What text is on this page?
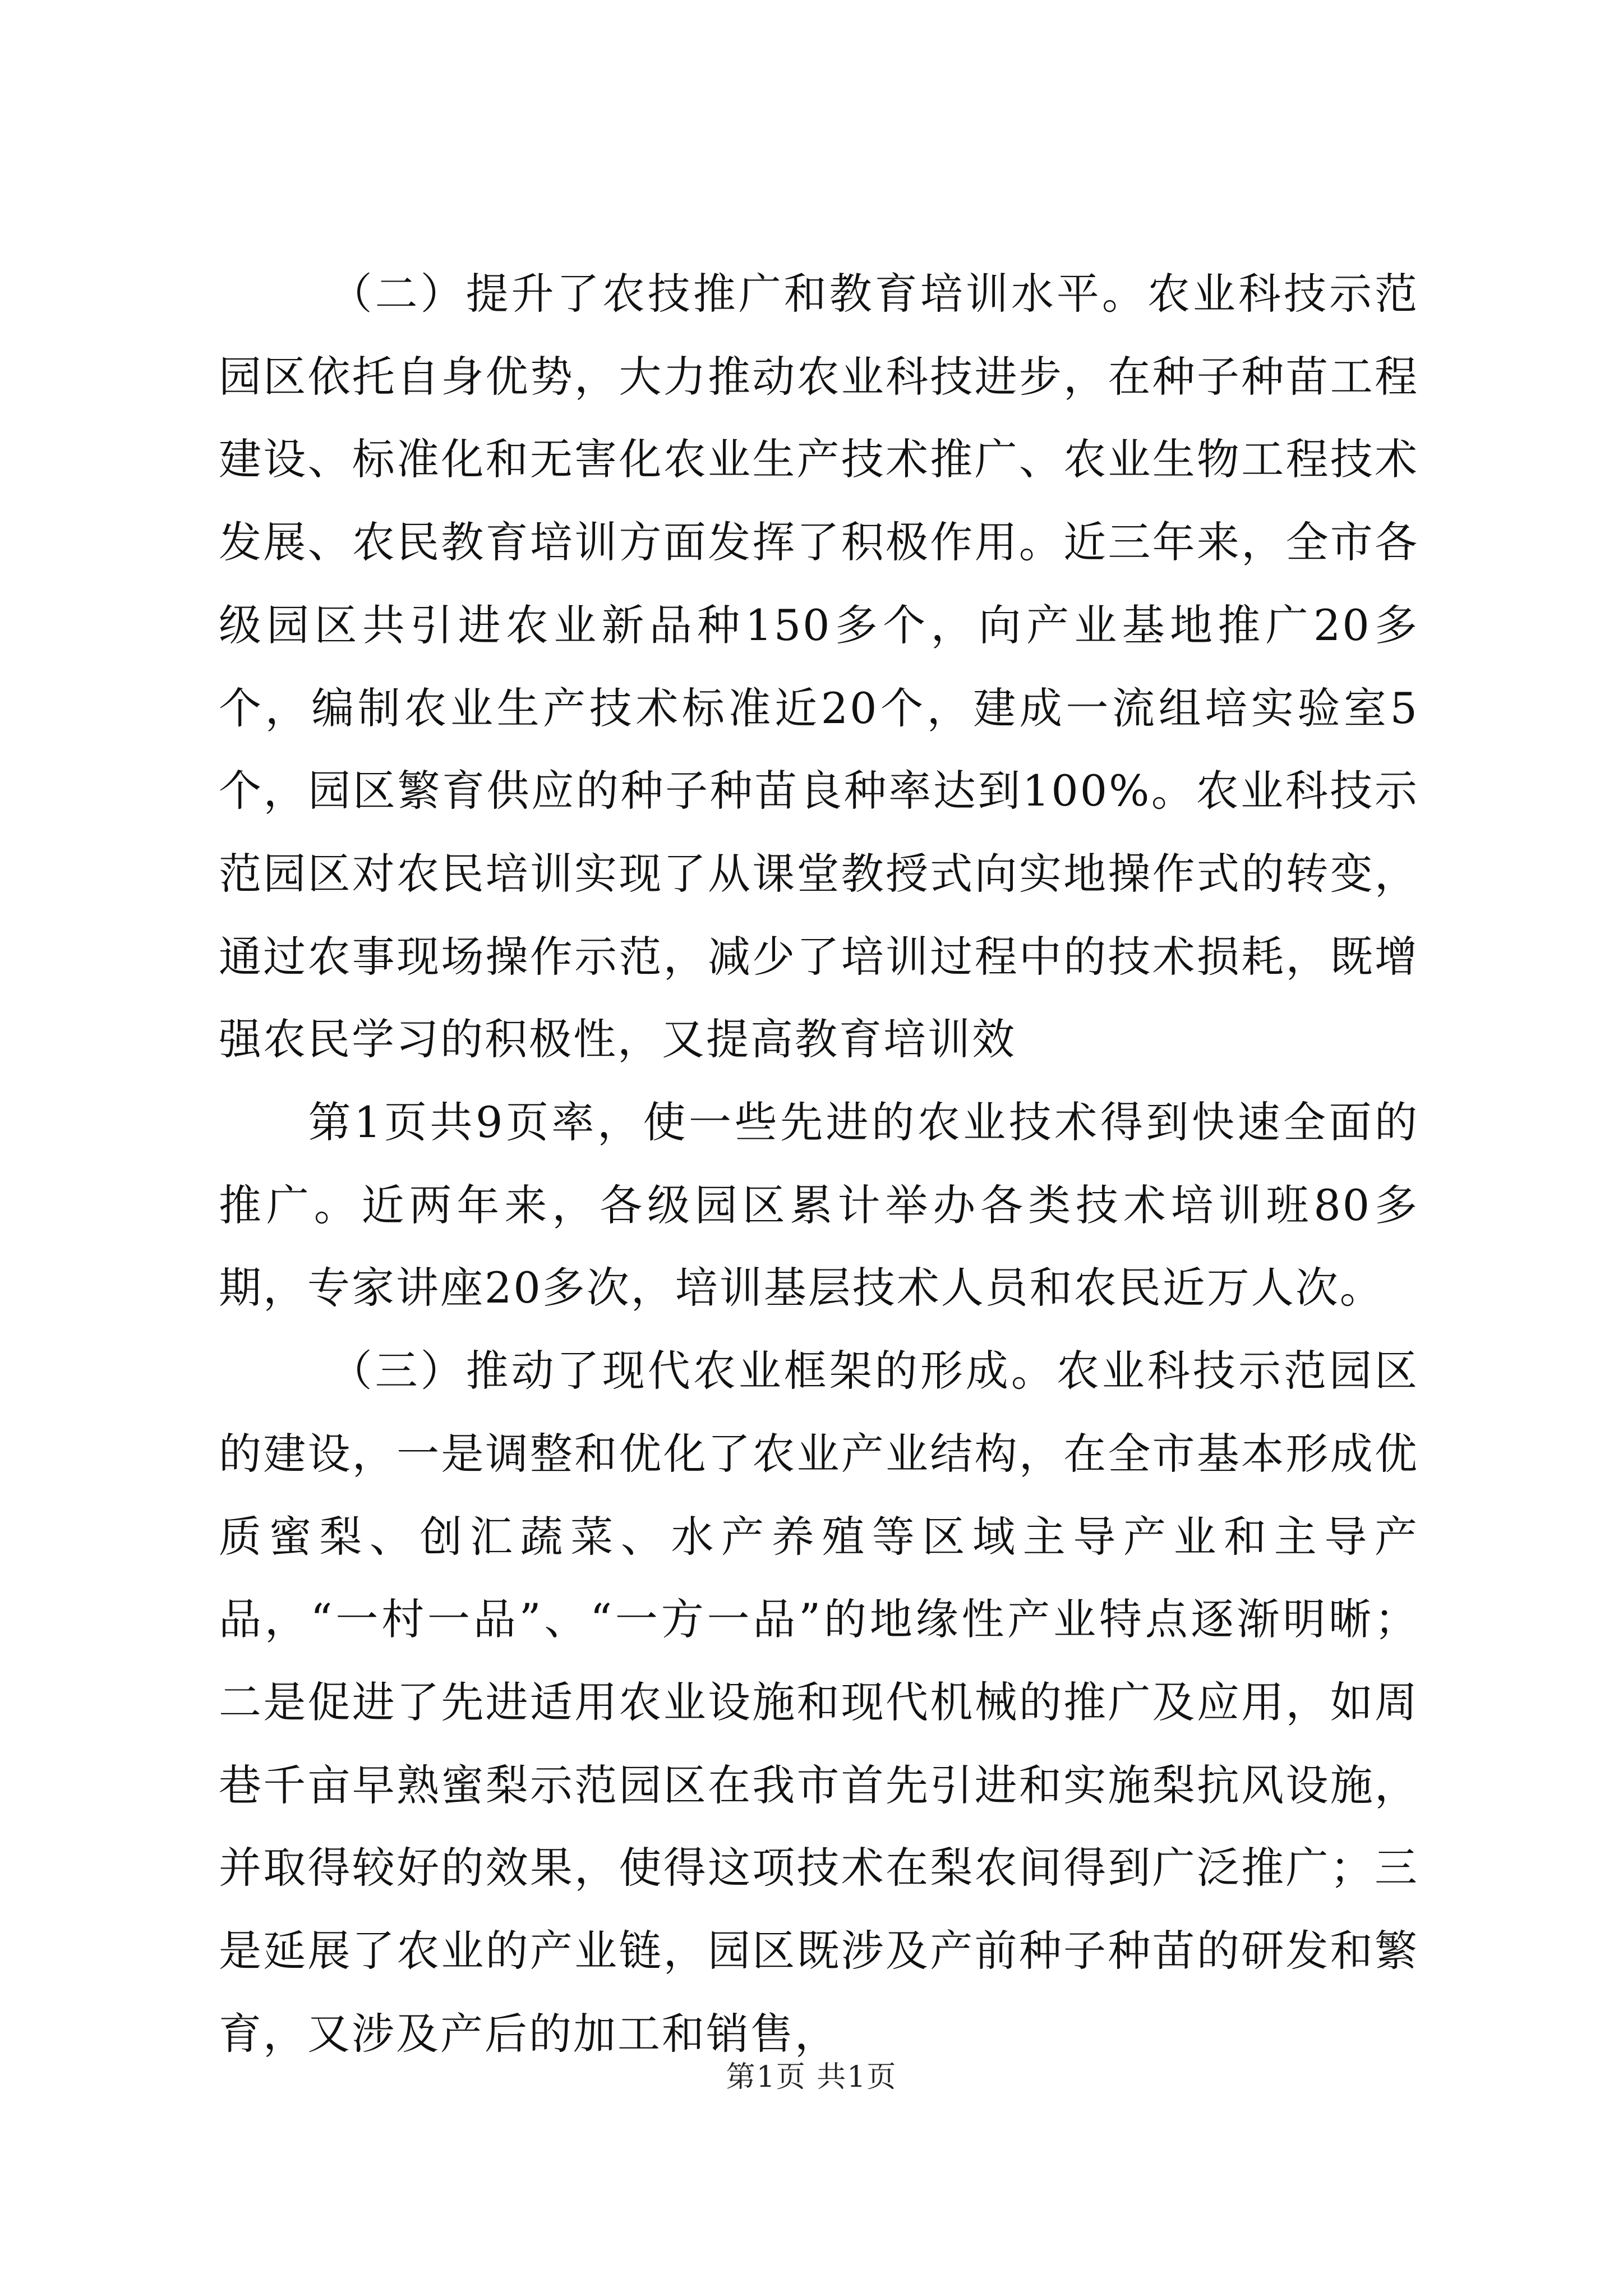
（二）提升了农技推广和教育培训水平。农业科技示范园区依托自身优势，大力推动农业科技进步，在种子种苗工程建设、标准化和无害化农业生产技术推广、农业生物工程技术发展、农民教育培训方面发挥了积极作用。近三年来，全市各级园区共引进农业新品种150多个，向产业基地推广20多个，编制农业生产技术标准近20个，建成一流组培实验室5个，园区繁育供应的种子种苗良种率达到100%。农业科技示范园区对农民培训实现了从课堂教授式向实地操作式的转变，通过农事现场操作示范，减少了培训过程中的技术损耗，既增强农民学习的积极性，又提高教育培训效

第1页共9页率，使一些先进的农业技术得到快速全面的推广。近两年来，各级园区累计举办各类技术培训班80多期，专家讲座20多次，培训基层技术人员和农民近万人次。

（三）推动了现代农业框架的形成。农业科技示范园区的建设，一是调整和优化了农业产业结构，在全市基本形成优质蜜梨、创汇蔬菜、水产养殖等区域主导产业和主导产品，“一村一品”、“一方一品”的地缘性产业特点逐渐明晰；二是促进了先进适用农业设施和现代机械的推广及应用，如周巷千亩早熟蜜梨示范园区在我市首先引进和实施梨抗风设施，并取得较好的效果，使得这项技术在梨农间得到广泛推广；三是延展了农业的产业链，园区既涉及产前种子种苗的研发和繁育，又涉及产后的加工和销售，

第1页 共1页
